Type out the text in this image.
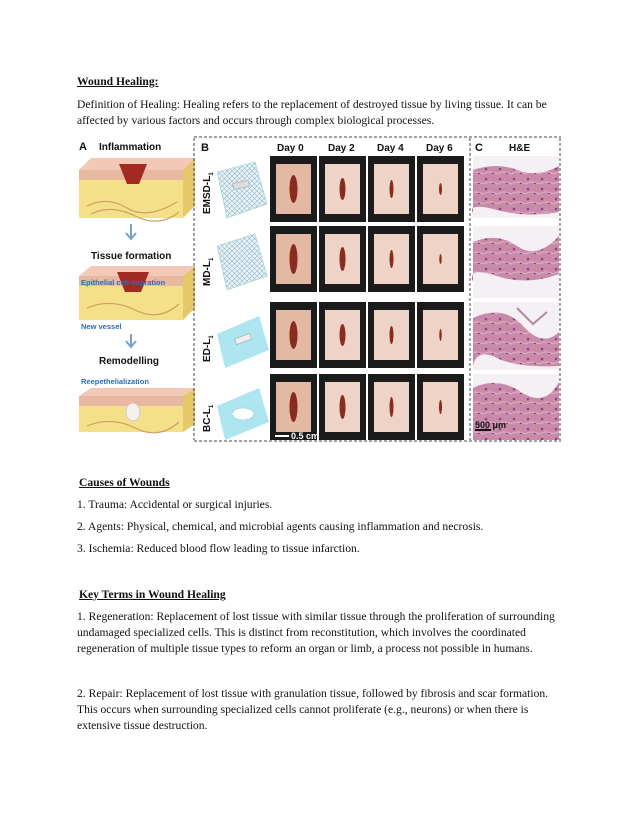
Wound Healing:
Definition of Healing: Healing refers to the replacement of destroyed tissue by living tissue. It can be affected by various factors and occurs through complex biological processes.
A Inflammation
Tissue formation
Epithelial cell migration
New vessel
Remodelling
Reepethelialization
B	Day 0 Day 2 Day 4 Day 6
EMSD-$L_1$
$MD-L_1$
$ED-L_1$
$BC-L_1$
0.5 cm
C	H&E
500 μm
Causes of Wounds
1. Trauma: Accidental or surgical injuries.
2. Agents: Physical, chemical, and microbial agents causing inflammation and necrosis.
3. Ischemia: Reduced blood flow leading to tissue infarction.
Key Terms in Wound Healing
1. Regeneration: Replacement of lost tissue with similar tissue through the proliferation of surrounding undamaged specialized cells. This is distinct from reconstitution, which involves the coordinated regeneration of multiple tissue types to reform an organ or limb, a process not possible in humans.
2. Repair: Replacement of lost tissue with granulation tissue, followed by fibrosis and scar formation. This occurs when surrounding specialized cells cannot proliferate (e.g., neurons) or when there is extensive tissue destruction.
